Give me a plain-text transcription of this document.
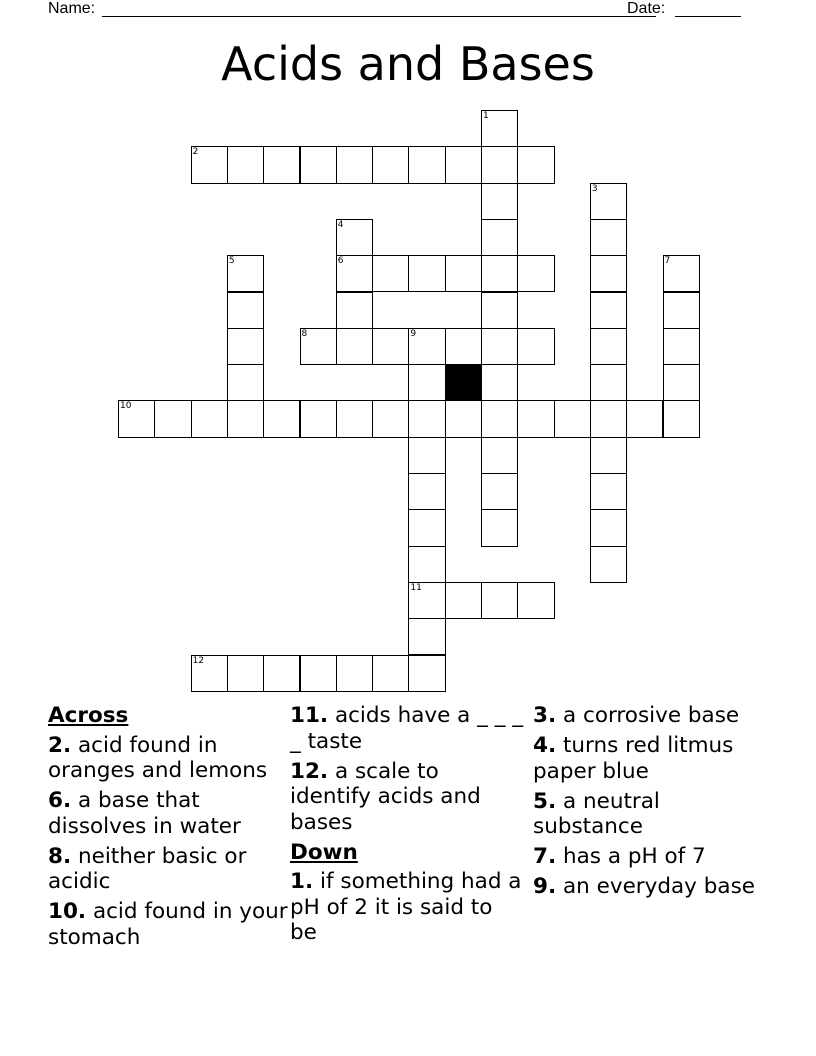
Name:	Date:
Acids and Bases
1
2
3
4
6
5	7
8	9
11
10
12
Across
2. acid found in oranges and lemons
6. a base that dissolves in water
8. neither basic or acidic
10. acid found in your stomach
11. acids have a _ _ _ _ taste
12. a scale to identify acids and bases
Down
1. if something had a pH of 2 it is said to be
3. a corrosive base
4. turns red litmus paper blue
5. a neutral substance
7. has a pH of 7
9. an everyday base
